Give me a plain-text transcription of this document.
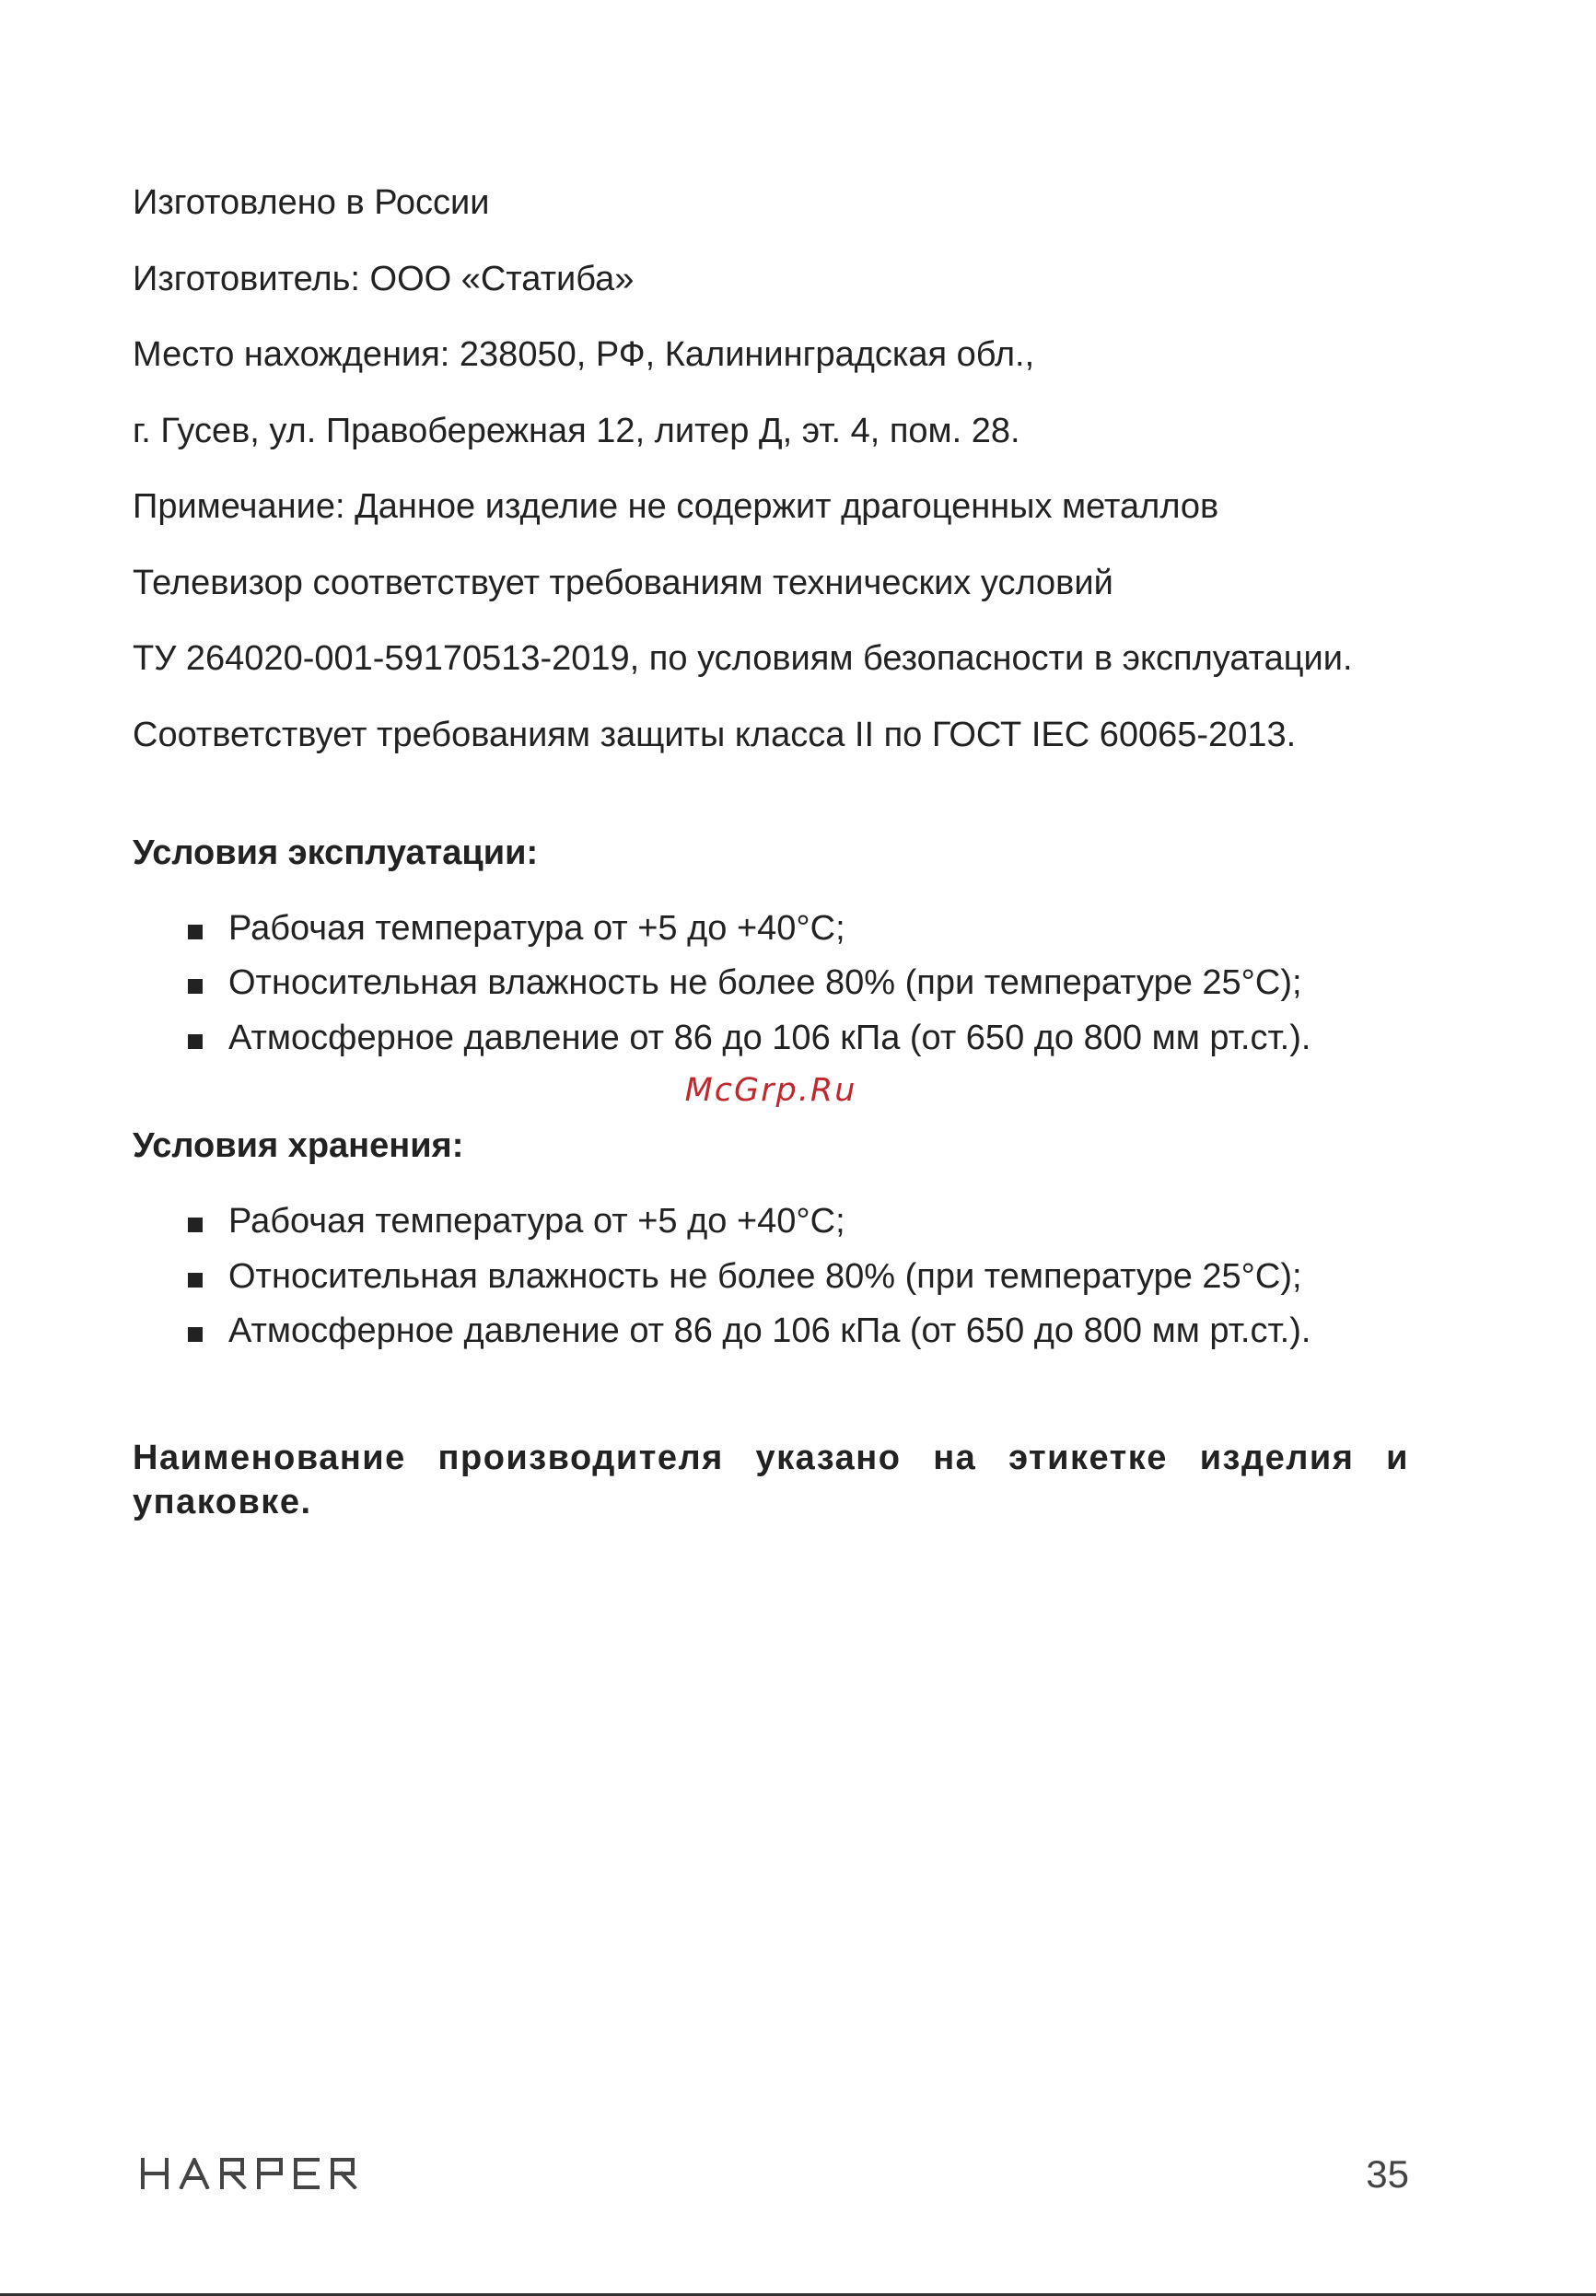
Изготовлено в России
Изготовитель: ООО «Статиба»
Место нахождения: 238050, РФ, Калининградская обл.,
г. Гусев, ул. Правобережная 12, литер Д, эт. 4, пом. 28.
Примечание: Данное изделие не содержит драгоценных металлов
Телевизор соответствует требованиям технических условий
ТУ 264020-001-59170513-2019, по условиям безопасности в эксплуатации.
Соответствует требованиям защиты класса II по ГОСТ IEC 60065-2013.
Условия эксплуатации:
Рабочая температура от +5 до +40°С;
Относительная влажность не более 80% (при температуре 25°С);
Атмосферное давление от 86 до 106 кПа (от 650 до 800 мм рт.ст.).
McGrp.Ru
Условия хранения:
Рабочая температура от +5 до +40°С;
Относительная влажность не более 80% (при температуре 25°С);
Атмосферное давление от 86 до 106 кПа (от 650 до 800 мм рт.ст.).

Наименование производителя указано на этикетке изделия и упаковке.

35
